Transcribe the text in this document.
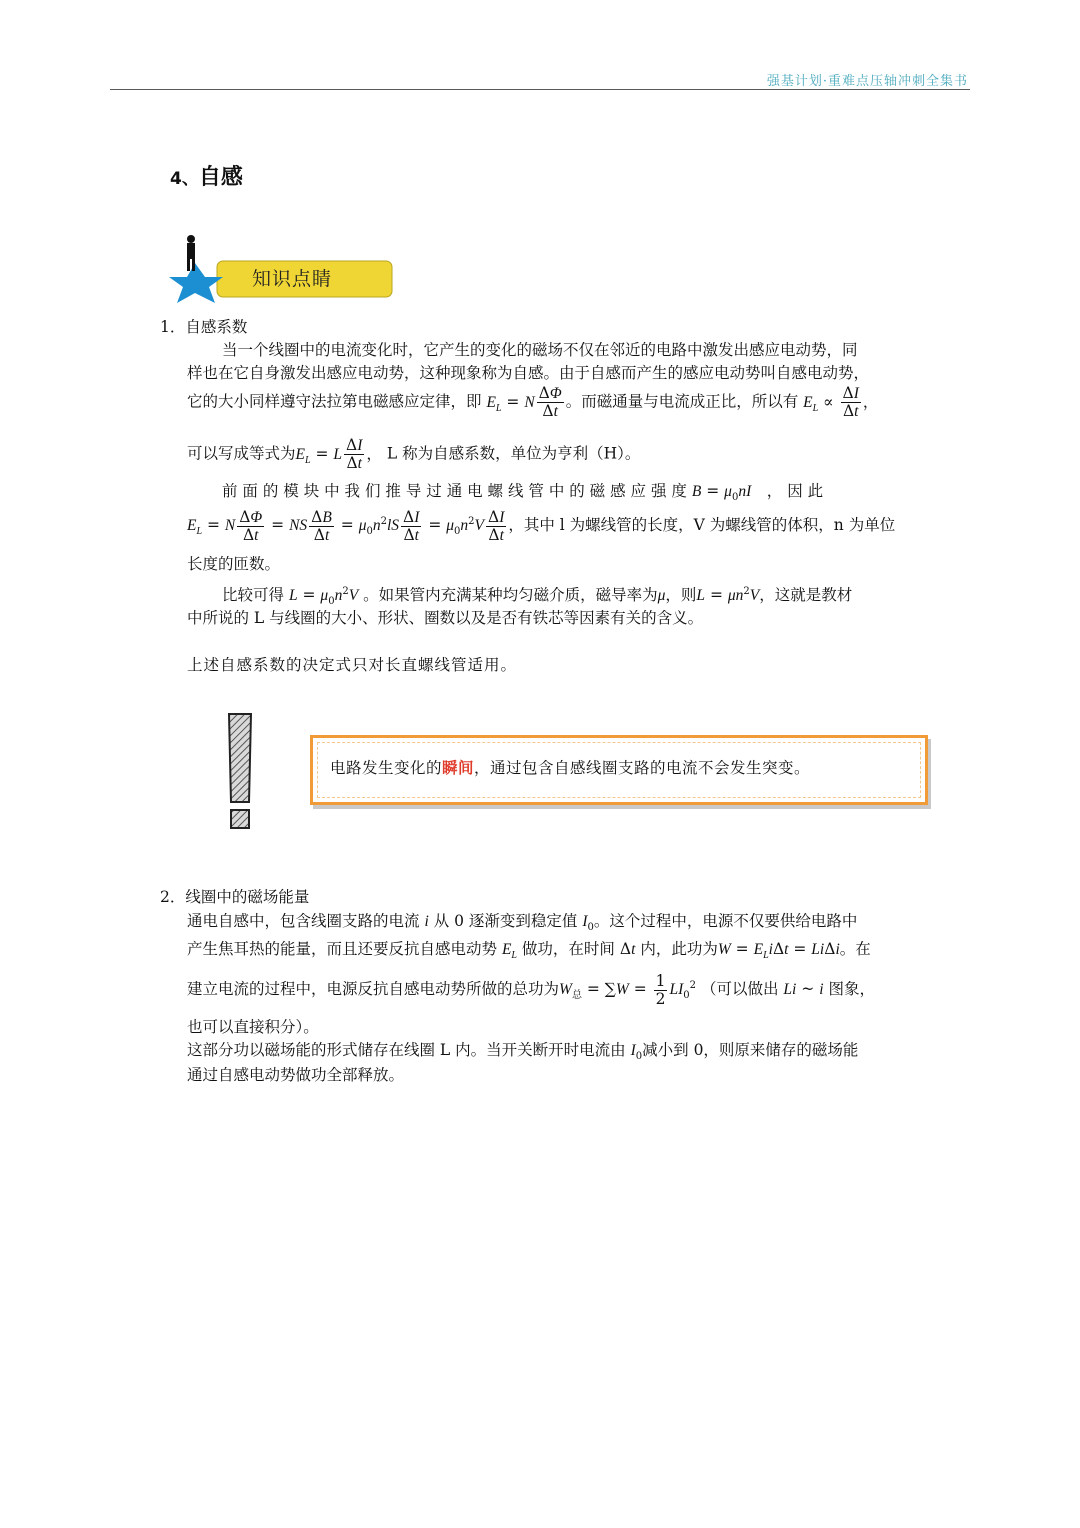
强基计划·重难点压轴冲刺全集书
4、自感
知识点睛
1．自感系数
当一个线圈中的电流变化时，它产生的变化的磁场不仅在邻近的电路中激发出感应电动势，同
样也在它自身激发出感应电动势，这种现象称为自感。由于自感而产生的感应电动势叫自感电动势，
它的大小同样遵守法拉第电磁感应定律，即 $E_L = N \frac{\Delta\Phi}{\Delta t}$ 。而磁通量与电流成正比，所以有 $E_L \propto \frac{\Delta I}{\Delta t}$ ，
可以写成等式为$E_L = L \frac{\Delta I}{\Delta t}$ ， L 称为自感系数，单位为亨利（H）。
前 面 的 模 块 中 我 们 推 导 过 通 电 螺 线 管 中 的 磁 感 应 强 度 $B = \mu_0nI$　， 因 此
$E_L = N \frac{\Delta\Phi}{\Delta t}$ = NS $\frac{\Delta B}{\Delta t} = \mu_0n^2lS \frac{\Delta I}{\Delta t} = \mu_0n^2V \frac{\Delta I}{\Delta t}$ ，其中 l 为螺线管的长度，V 为螺线管的体积，n 为单位
长度的匝数。
比较可得 $L = \mu_0n^2V$ 。如果管内充满某种均匀磁介质，磁导率为μ，则$L = \mu n^2V$，这就是教材
中所说的 L 与线圈的大小、形状、圈数以及是否有铁芯等因素有关的含义。
上述自感系数的决定式只对长直螺线管适用。
电路发生变化的瞬间，通过包含自感线圈支路的电流不会发生突变。
2．线圈中的磁场能量
通电自感中，包含线圈支路的电流 i 从 0 逐渐变到稳定值 $I_0$。这个过程中，电源不仅要供给电路中
产生焦耳热的能量，而且还要反抗自感电动势 $E_L$ 做功，在时间 Δt 内，此功为$W = E_Li\Delta t = Li\Delta i$。在
建立电流的过程中，电源反抗自感电动势所做的总功为$W_总 = \sum W = \frac{1}{2} LI_0^2$ （可以做出 Li ~ i 图象，
也可以直接积分）。
这部分功以磁场能的形式储存在线圈 L 内。当开关断开时电流由 $I_0$减小到 0，则原来储存的磁场能
通过自感电动势做功全部释放。
